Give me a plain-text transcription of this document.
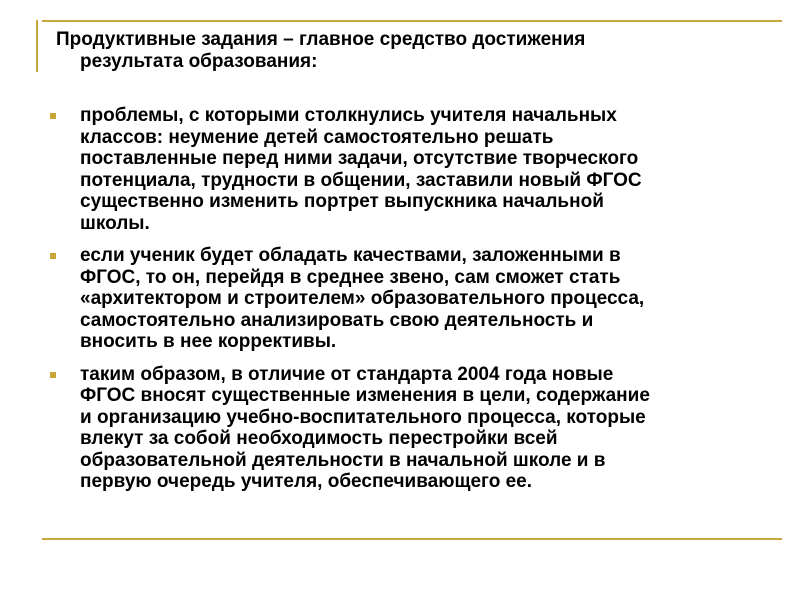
Продуктивные задания – главное средство достижения
результата образования:
проблемы, с которыми столкнулись учителя начальных
классов: неумение детей самостоятельно решать
поставленные перед ними задачи, отсутствие творческого
потенциала, трудности в общении, заставили новый ФГОС
существенно изменить портрет выпускника начальной
школы.
если ученик будет обладать качествами, заложенными в
ФГОС, то он, перейдя в среднее звено, сам сможет стать
«архитектором и строителем» образовательного процесса,
самостоятельно анализировать свою деятельность и
вносить в нее коррективы.
таким образом, в отличие от стандарта 2004 года новые
ФГОС вносят существенные изменения в цели, содержание
и организацию учебно-воспитательного процесса, которые
влекут за собой необходимость перестройки всей
образовательной деятельности в начальной школе и в
первую очередь учителя, обеспечивающего ее.
